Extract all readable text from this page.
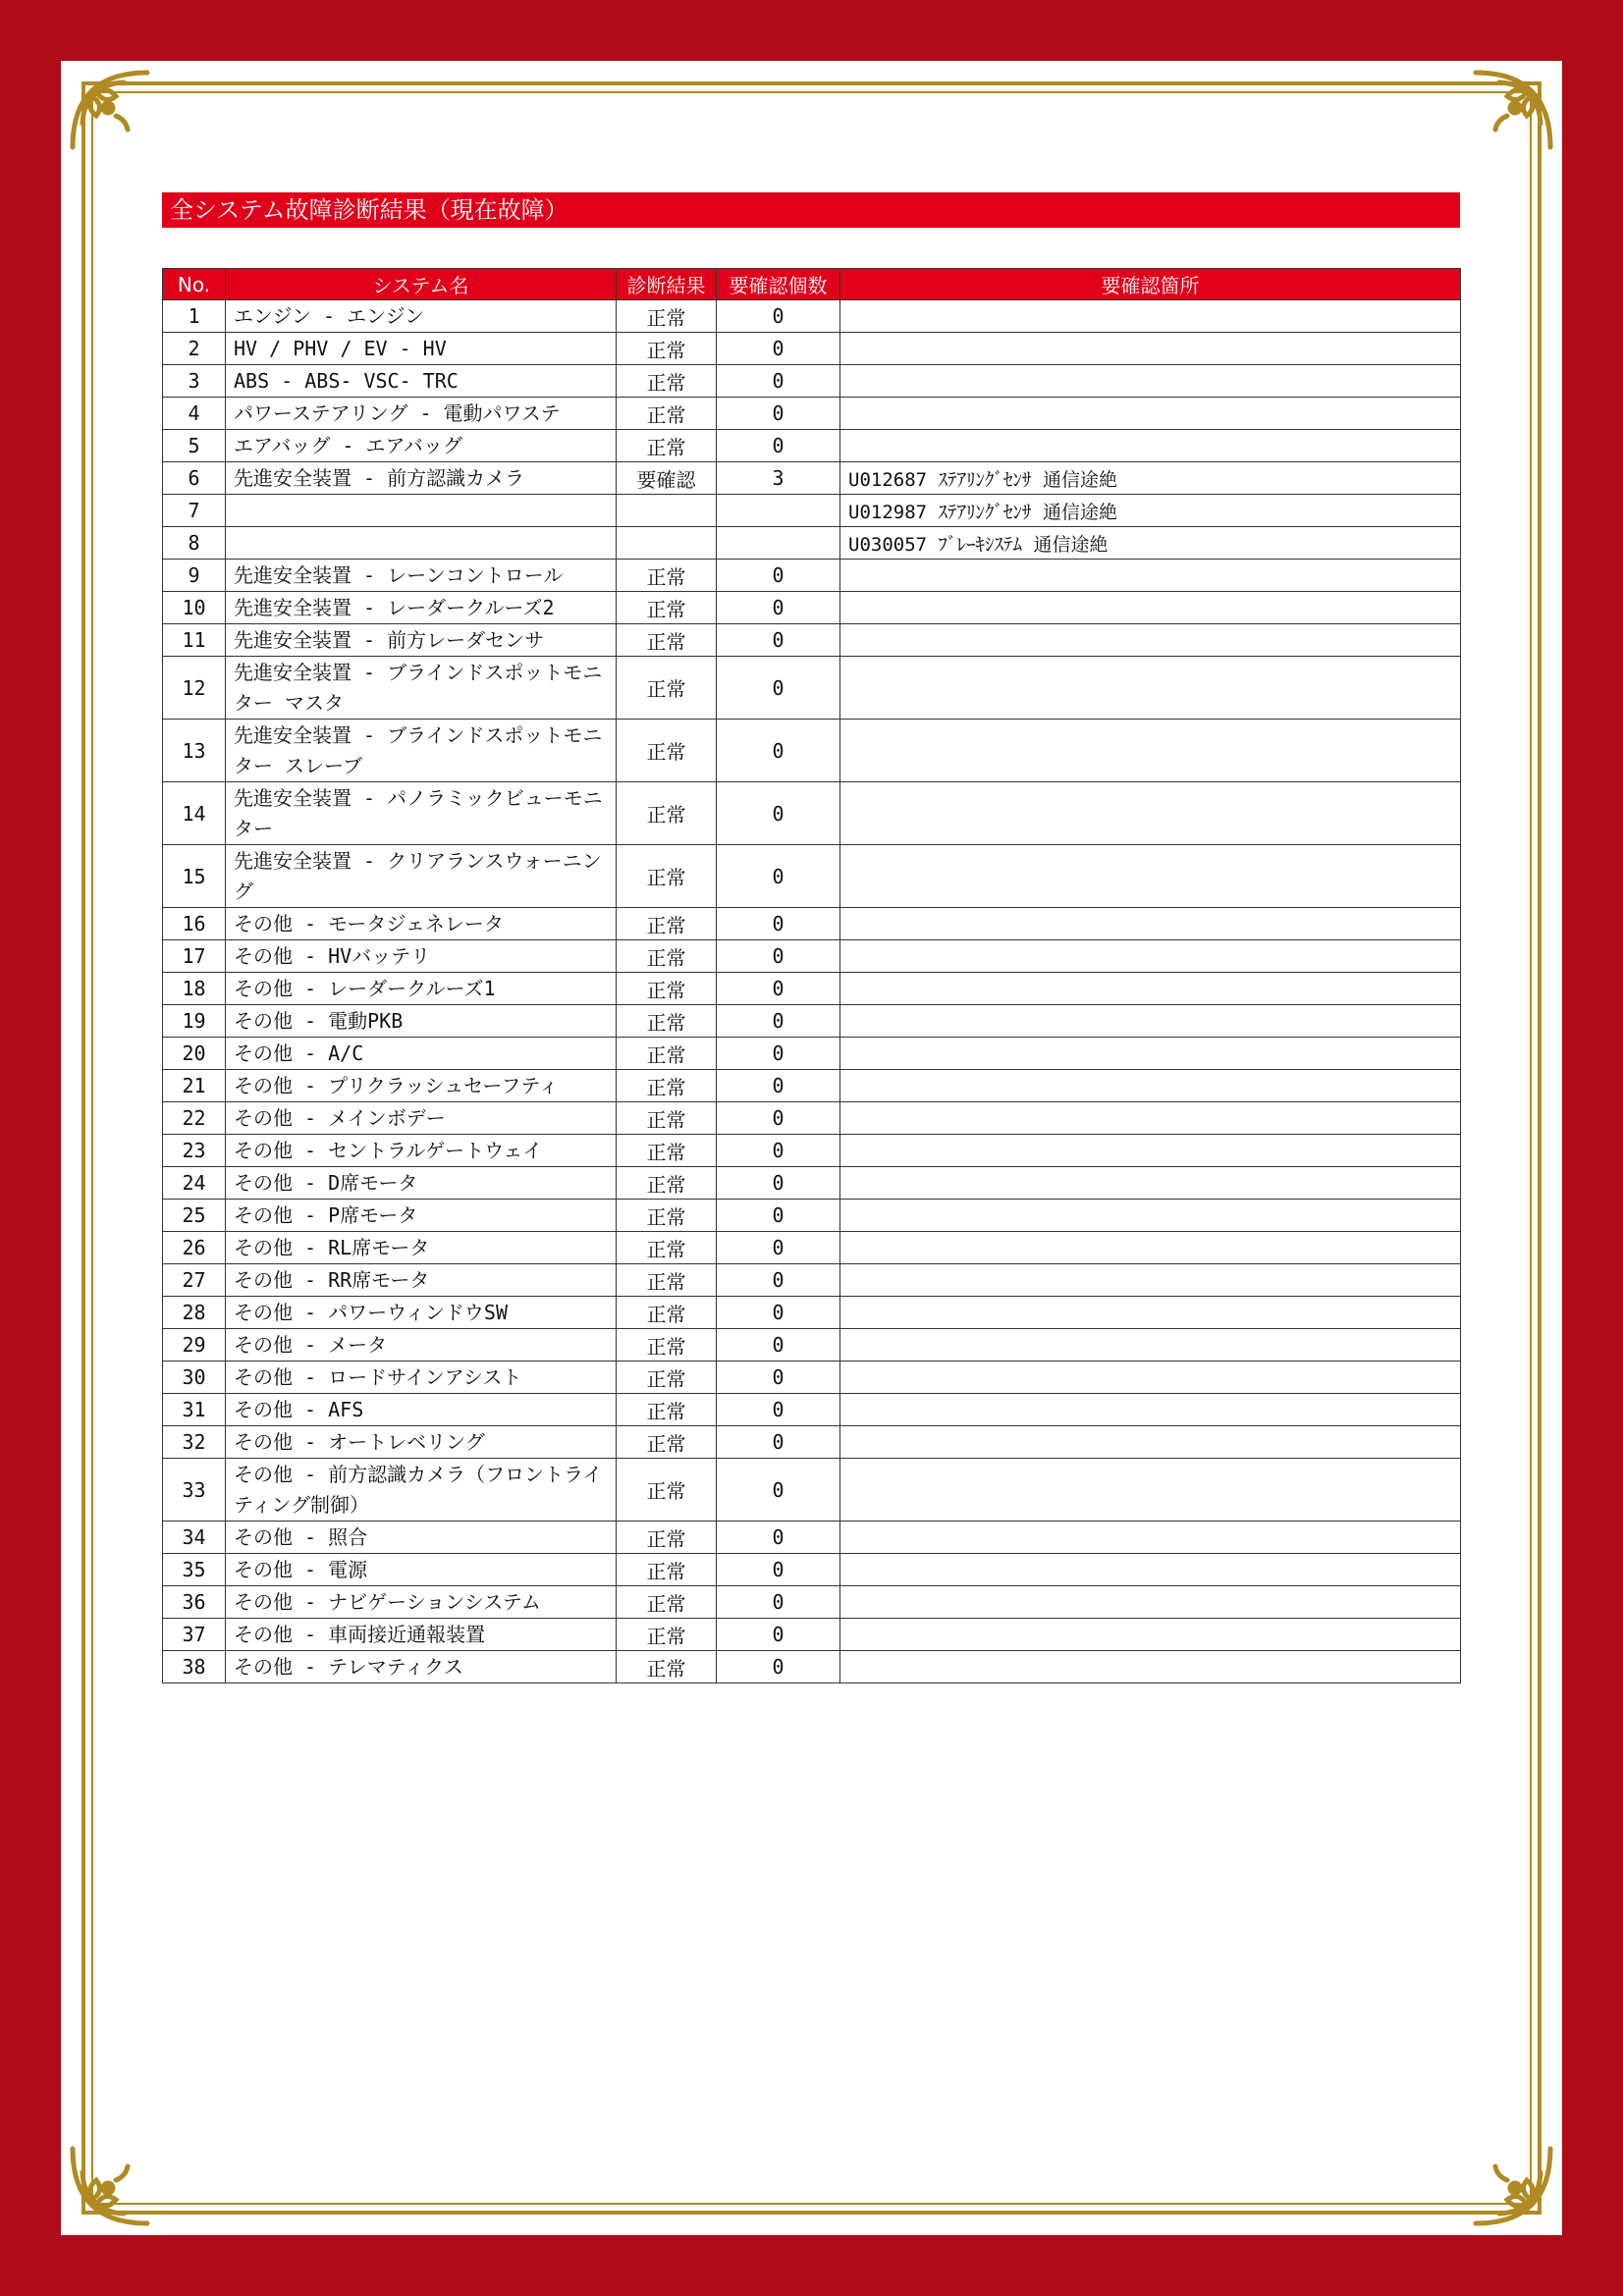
全システム故障診断結果（現在故障）
No.	システム名	診断結果	要確認個数	要確認箇所
1	エンジン - エンジン	正常	0	
2	HV / PHV / EV - HV	正常	0	
3	ABS - ABS- VSC- TRC	正常	0	
4	パワーステアリング - 電動パワステ	正常	0	
5	エアバッグ - エアバッグ	正常	0	
6	先進安全装置 - 前方認識カメラ	要確認	3	U012687 ｽﾃｱﾘﾝｸﾞｾﾝｻ 通信途絶
7				U012987 ｽﾃｱﾘﾝｸﾞｾﾝｻ 通信途絶
8				U030057 ﾌﾞﾚｰｷｼｽﾃﾑ 通信途絶
9	先進安全装置 - レーンコントロール	正常	0	
10	先進安全装置 - レーダークルーズ2	正常	0	
11	先進安全装置 - 前方レーダセンサ	正常	0	
12	先進安全装置 - ブラインドスポットモニター マスタ	正常	0	
13	先進安全装置 - ブラインドスポットモニター スレーブ	正常	0	
14	先進安全装置 - パノラミックビューモニター	正常	0	
15	先進安全装置 - クリアランスウォーニング	正常	0	
16	その他 - モータジェネレータ	正常	0	
17	その他 - HVバッテリ	正常	0	
18	その他 - レーダークルーズ1	正常	0	
19	その他 - 電動PKB	正常	0	
20	その他 - A/C	正常	0	
21	その他 - プリクラッシュセーフティ	正常	0	
22	その他 - メインボデー	正常	0	
23	その他 - セントラルゲートウェイ	正常	0	
24	その他 - D席モータ	正常	0	
25	その他 - P席モータ	正常	0	
26	その他 - RL席モータ	正常	0	
27	その他 - RR席モータ	正常	0	
28	その他 - パワーウィンドウSW	正常	0	
29	その他 - メータ	正常	0	
30	その他 - ロードサインアシスト	正常	0	
31	その他 - AFS	正常	0	
32	その他 - オートレベリング	正常	0	
33	その他 - 前方認識カメラ（フロントライティング制御）	正常	0	
34	その他 - 照合	正常	0	
35	その他 - 電源	正常	0	
36	その他 - ナビゲーションシステム	正常	0	
37	その他 - 車両接近通報装置	正常	0	
38	その他 - テレマティクス	正常	0	
